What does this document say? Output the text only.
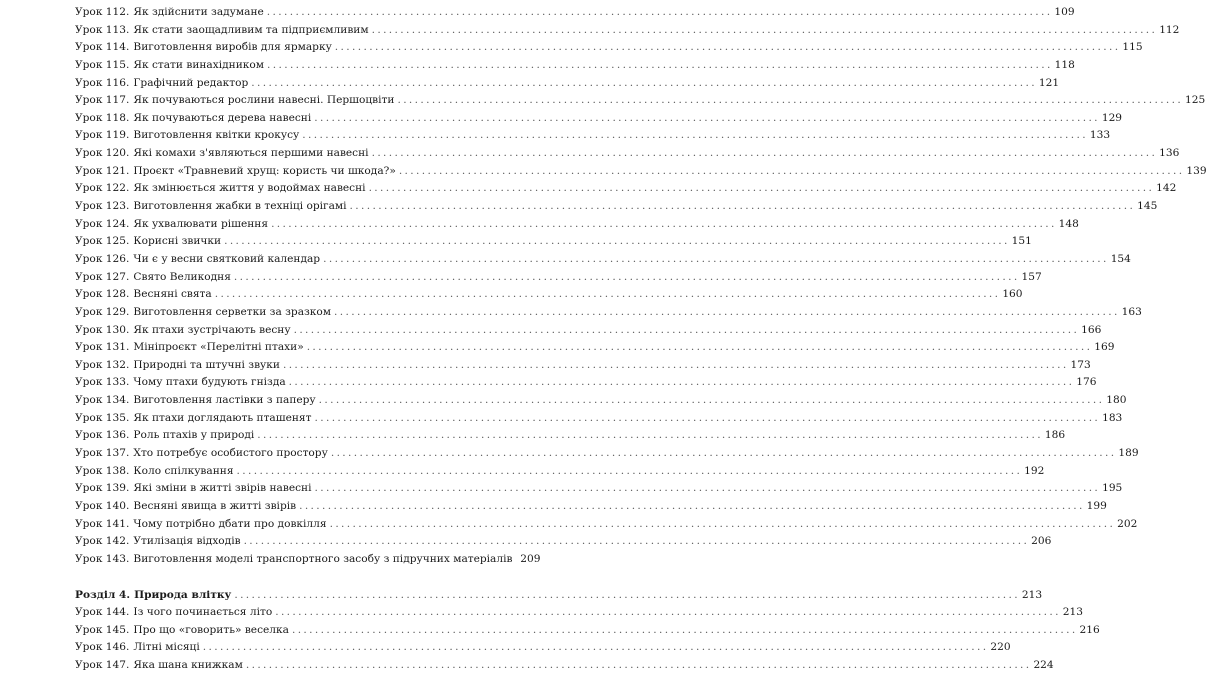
Урок 112. Як здійснити задумане . . .	109
Урок 113. Як стати заощадливим та підприємливим . . .	112
Урок 114. Виготовлення виробів для ярмарку . . .	115
Урок 115. Як стати винахідником . . .	118
Урок 116. Графічний редактор . . .	121
Урок 117. Як почуваються рослини навесні. Першоцвіти . . .	125
Урок 118. Як почуваються дерева навесні . . .	129
Урок 119. Виготовлення квітки крокусу . . .	133
Урок 120. Які комахи з'являються першими навесні . . .	136
Урок 121. Проєкт «Травневий хрущ: користь чи шкода?» . . .	139
Урок 122. Як змінюється життя у водоймах навесні . . .	142
Урок 123. Виготовлення жабки в техніці орігамі . . .	145
Урок 124. Як ухвалювати рішення . . .	148
Урок 125. Корисні звички . . .	151
Урок 126. Чи є у весни святковий календар . . .	154
Урок 127. Свято Великодня . . .	157
Урок 128. Весняні свята . . .	160
Урок 129. Виготовлення серветки за зразком . . .	163
Урок 130. Як птахи зустрічають весну . . .	166
Урок 131. Мініпроєкт «Перелітні птахи» . . .	169
Урок 132. Природні та штучні звуки . . .	173
Урок 133. Чому птахи будують гнізда . . .	176
Урок 134. Виготовлення ластівки з паперу . . .	180
Урок 135. Як птахи доглядають пташенят . . .	183
Урок 136. Роль птахів у природі . . .	186
Урок 137. Хто потребує особистого простору . . .	189
Урок 138. Коло спілкування . . .	192
Урок 139. Які зміни в житті звірів навесні . . .	195
Урок 140. Весняні явища в житті звірів . . .	199
Урок 141. Чому потрібно дбати про довкілля . . .	202
Урок 142. Утилізація відходів . . .	206
Урок 143. Виготовлення моделі транспортного засобу з підручних матеріалів 209
Розділ 4. Природа влітку . . .	213
Урок 144. Із чого починається літо . . .	213
Урок 145. Про що «говорить» веселка . . .	216
Урок 146. Літні місяці . . .	220
Урок 147. Яка шана книжкам . . .	224
